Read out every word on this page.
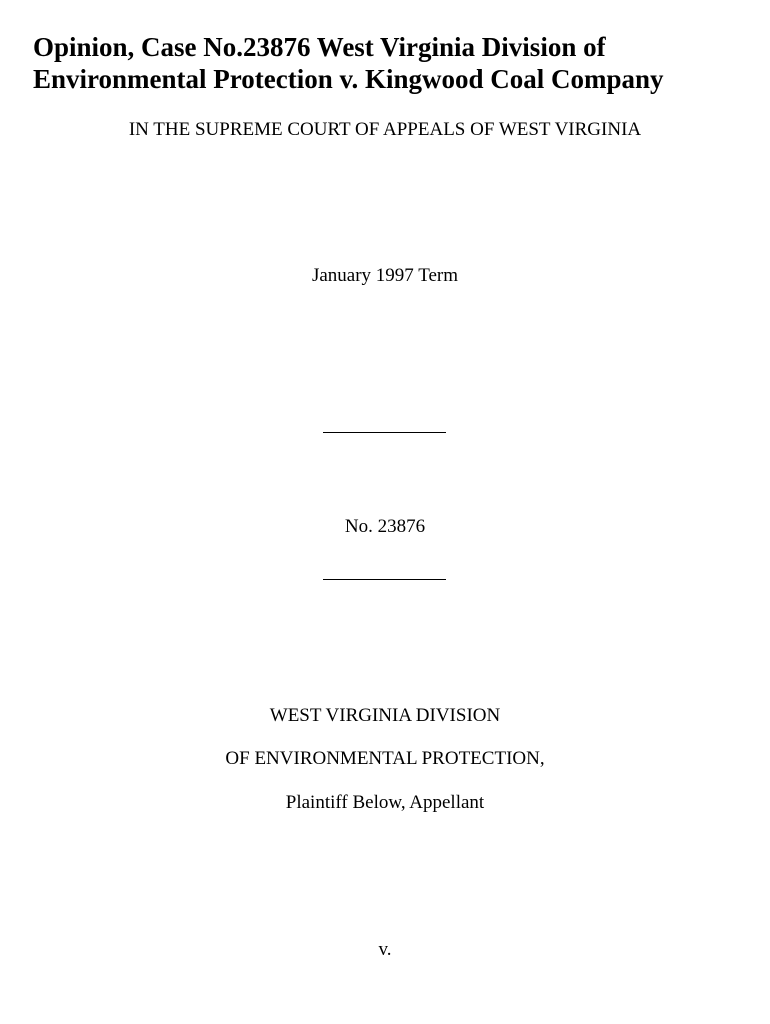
Opinion, Case No.23876 West Virginia Division of
Environmental Protection v. Kingwood Coal Company
IN THE SUPREME COURT OF APPEALS OF WEST VIRGINIA
January 1997 Term
No. 23876
WEST VIRGINIA DIVISION
OF ENVIRONMENTAL PROTECTION,
Plaintiff Below, Appellant
v.
